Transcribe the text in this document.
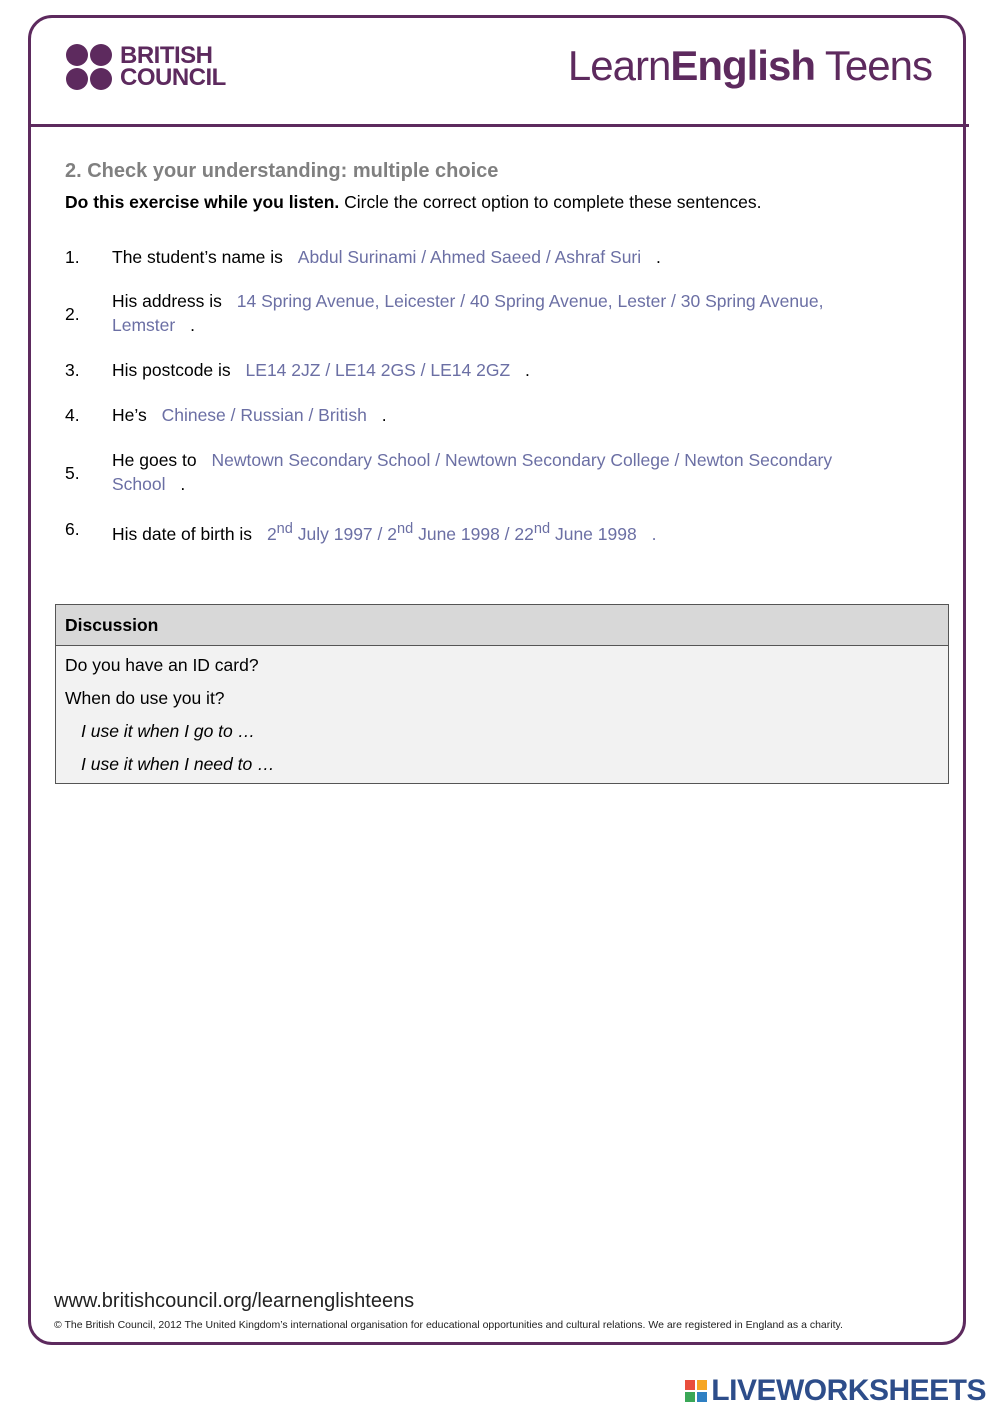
BRITISH
COUNCIL	LearnEnglish Teens
2. Check your understanding: multiple choice
Do this exercise while you listen. Circle the correct option to complete these sentences.
1. The student’s name is Abdul Surinami / Ahmed Saeed / Ashraf Suri .
2.
His address is 14 Spring Avenue, Leicester / 40 Spring Avenue, Lester / 30 Spring Avenue, Lemster .
3. His postcode is LE14 2JZ / LE14 2GS / LE14 2GZ .
4. He’s Chinese / Russian / British .
5.
He goes to Newtown Secondary School / Newtown Secondary College / Newton Secondary School .
6. His date of birth is 2nd July 1997 / 2nd June 1998 / 22nd June 1998 .
Discussion
Do you have an ID card?
When do use you it?
I use it when I go to …
I use it when I need to …
www.britishcouncil.org/learnenglishteens
© The British Council, 2012 The United Kingdom’s international organisation for educational opportunities and cultural relations. We are registered in England as a charity.
LIVEWORKSHEETS
